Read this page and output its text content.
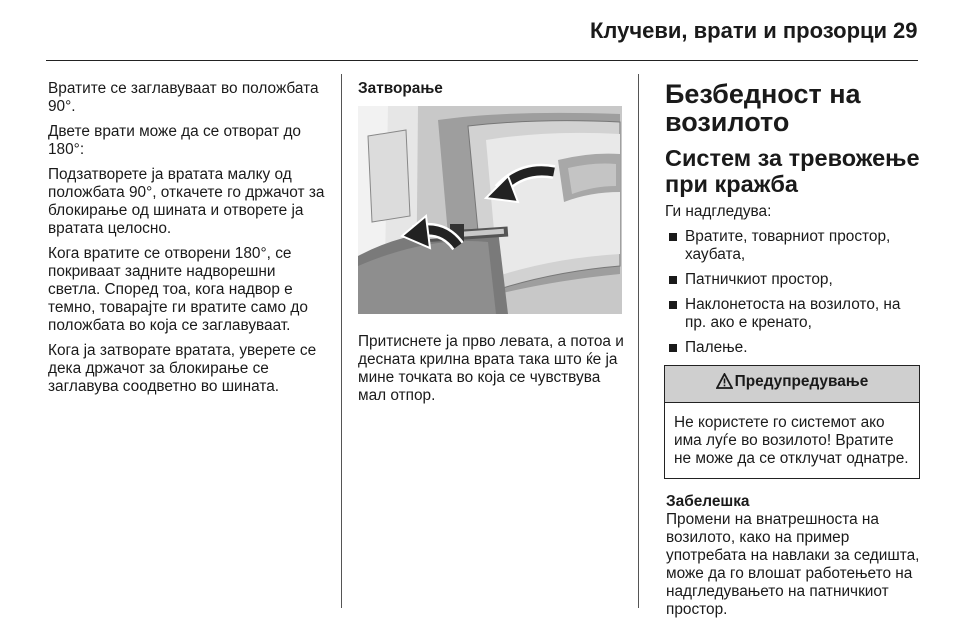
Клучеви, врати и прозорци 29

Вратите се заглавуваат во положбата 90°.

Двете врати може да се отворат до 180°:

Подзатворете ја вратата малку од положбата 90°, откачете го држачот за блокирање од шината и отворете ја вратата целосно.

Кога вратите се отворени 180°, се покриваат задните надворешни светла. Според тоа, кога надвор е темно, товарајте ги вратите само до положбата во која се заглавуваат.

Кога ја затворате вратата, уверете се дека држачот за блокирање се заглавува соодветно во шината.

Затворање

Притиснете ја прво левата, а потоа и десната крилна врата така што ќе ја мине точката во која се чувствува мал отпор.

Безбедност на возилото
Систем за тревожење при кражба

Ги надгледува:

Вратите, товарниот простор, хаубата,
Патничкиот простор,
Наклонетоста на возилото, на пр. ако е кренато,
Палење.
Предупредување
Не користете го системот ако има луѓе во возилото! Вратите не може да се отклучат однатре.
Забелешка
Промени на внатрешноста на возилото, како на пример употребата на навлаки за седишта, може да го влошат работењето на надгледувањето на патничкиот простор.
